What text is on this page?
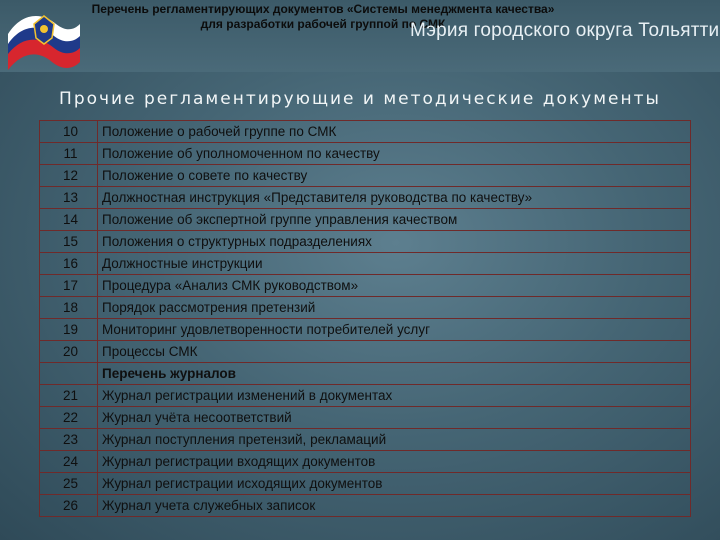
Перечень регламентирующих документов «Системы менеджмента качества»
для разработки рабочей группой по СМК
Мэрия городского округа Тольятти
Прочие регламентирующие и методические документы
10	Положение о рабочей группе по СМК
11	Положение об уполномоченном по качеству
12	Положение о совете по качеству
13	Должностная инструкция «Представителя руководства по качеству»
14	Положение об экспертной группе управления качеством
15	Положения о структурных подразделениях
16	Должностные инструкции
17	Процедура «Анализ СМК руководством»
18	Порядок рассмотрения претензий
19	Мониторинг удовлетворенности потребителей услуг
20	Процессы СМК
	Перечень журналов
21	Журнал регистрации изменений в документах
22	Журнал учёта несоответствий
23	Журнал поступления претензий, рекламаций
24	Журнал регистрации входящих документов
25	Журнал регистрации исходящих документов
26	Журнал учета служебных записок
